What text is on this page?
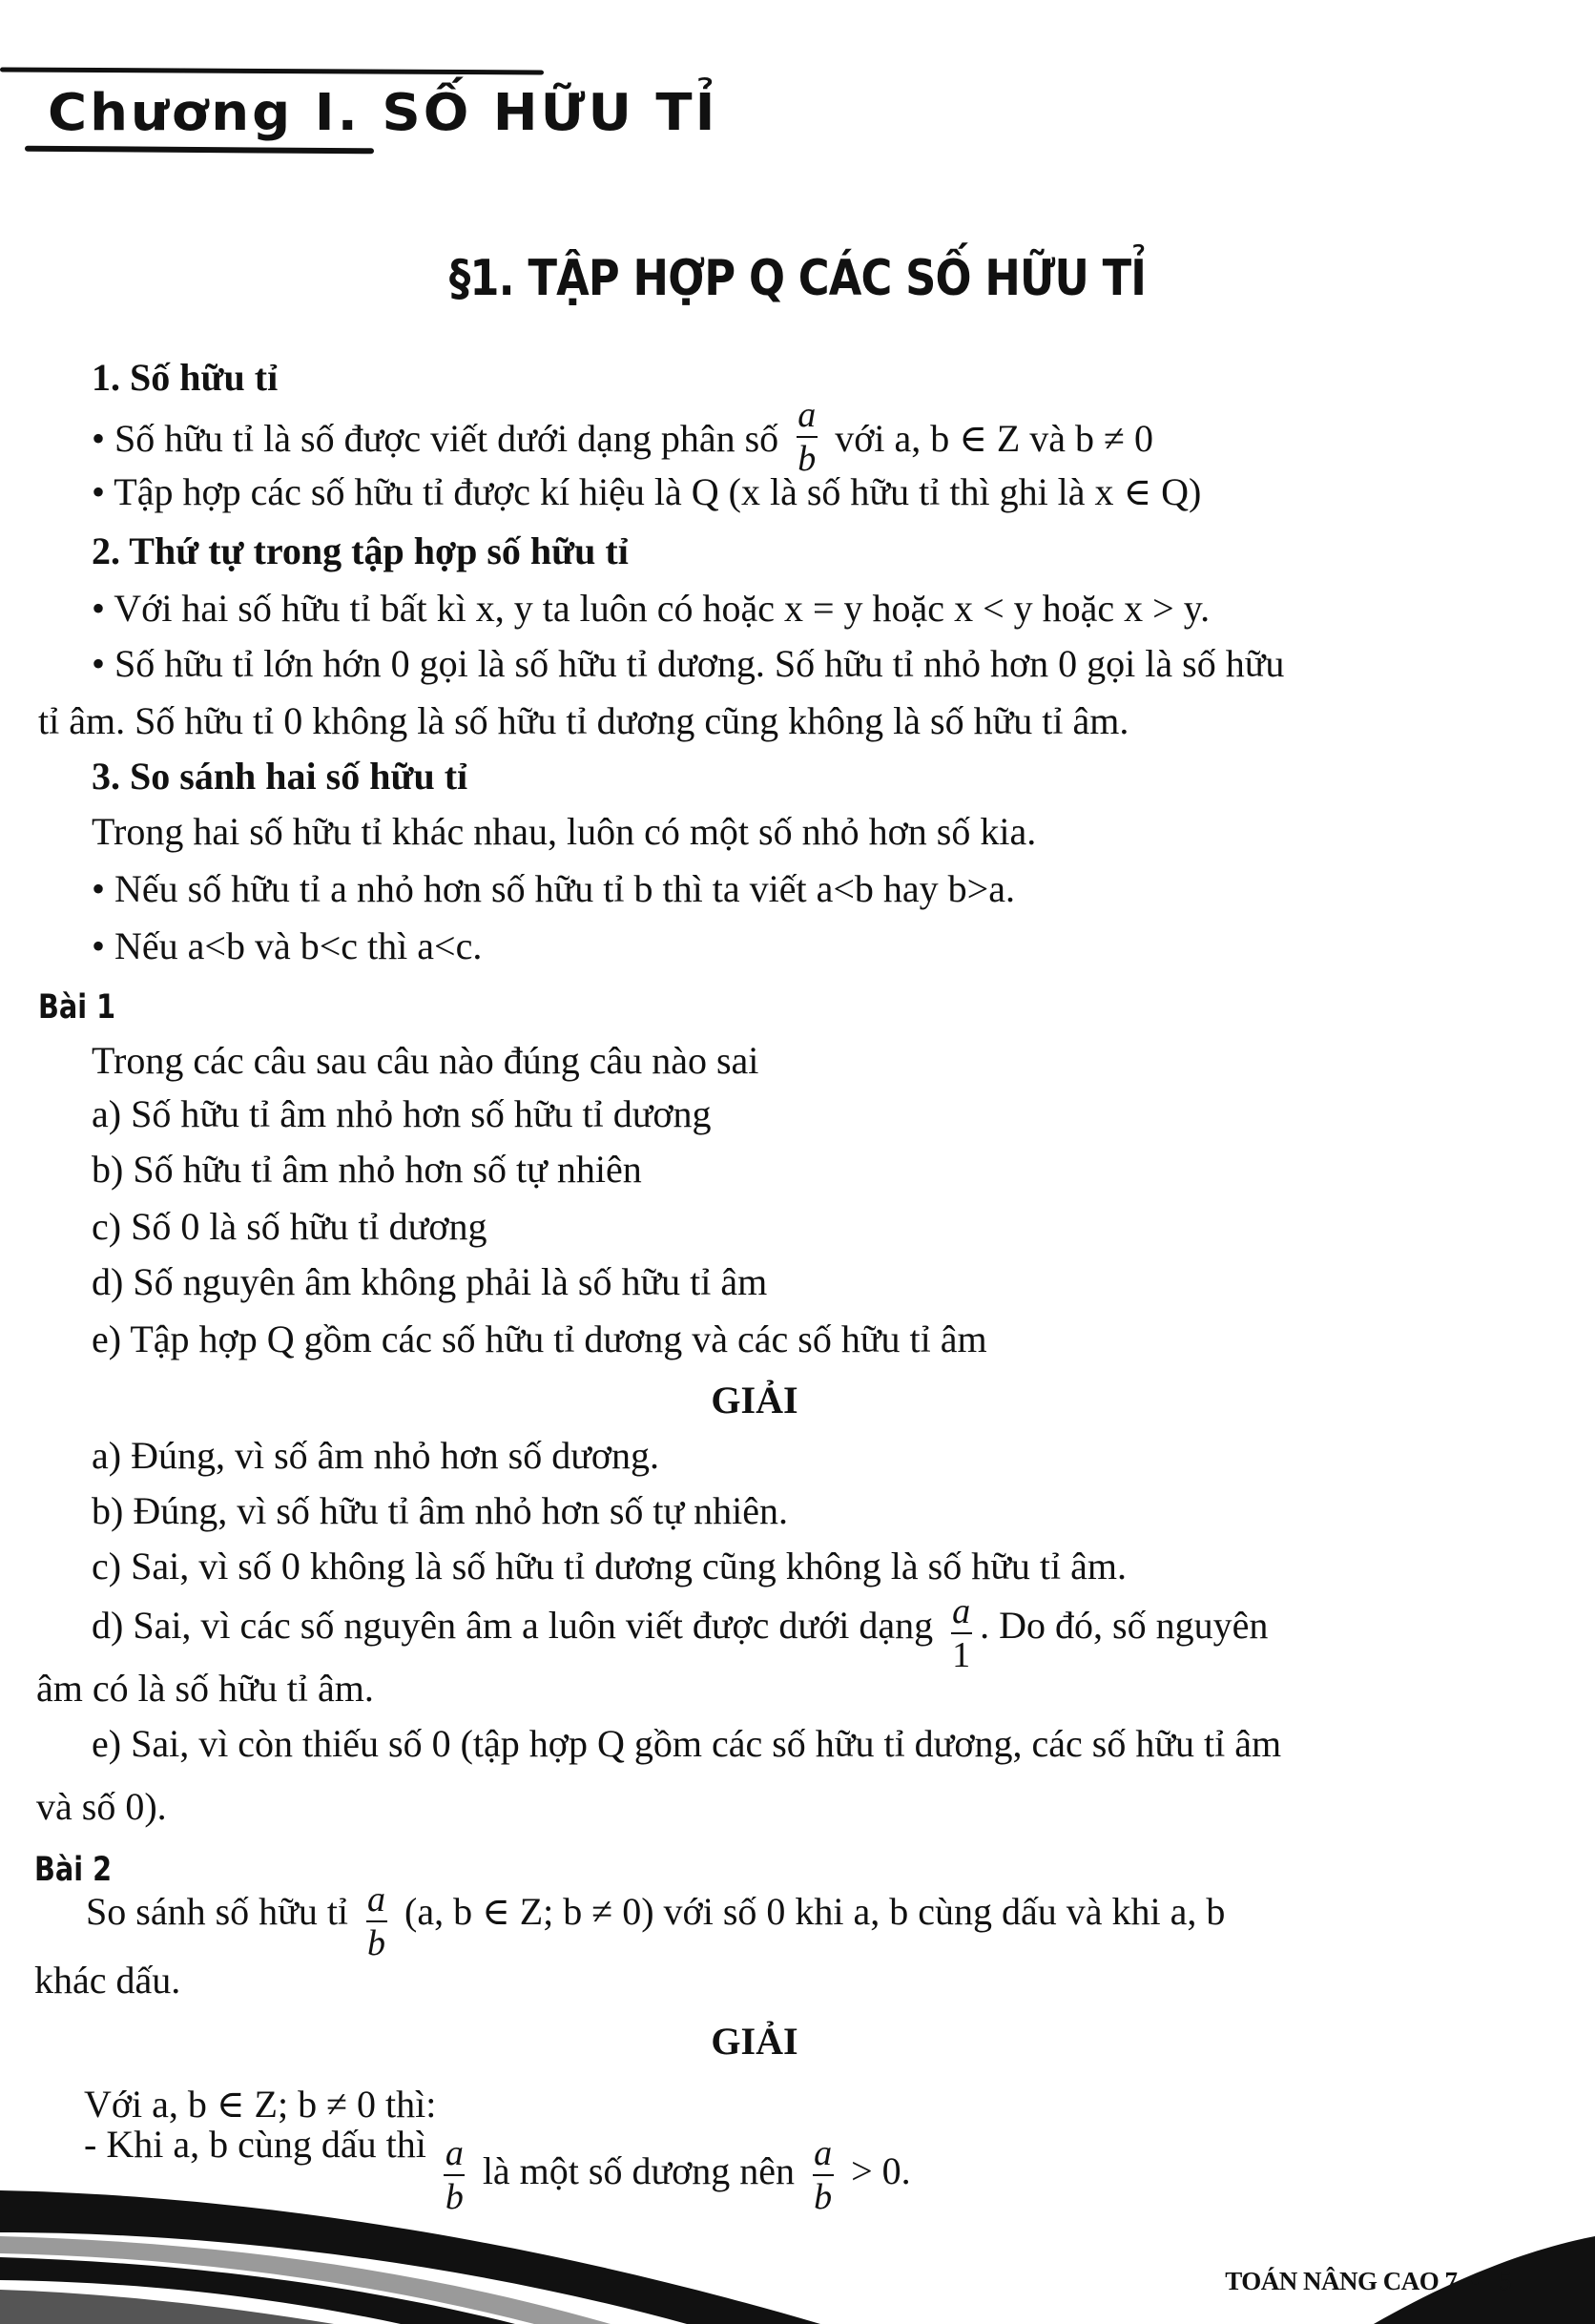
Chương I. SỐ HỮU TỈ
§1. TẬP HỢP Q CÁC SỐ HỮU TỈ
1. Số hữu tỉ
• Số hữu tỉ là số được viết dưới dạng phân số $\frac{a}{b}$ với a, b ∈ Z và b ≠ 0
• Tập hợp các số hữu tỉ được kí hiệu là Q (x là số hữu tỉ thì ghi là x ∈ Q)
2. Thứ tự trong tập hợp số hữu tỉ
• Với hai số hữu tỉ bất kì x, y ta luôn có hoặc x = y hoặc x < y hoặc x > y.
• Số hữu tỉ lớn hớn 0 gọi là số hữu tỉ dương. Số hữu tỉ nhỏ hơn 0 gọi là số hữu
tỉ âm. Số hữu tỉ 0 không là số hữu tỉ dương cũng không là số hữu tỉ âm.
3. So sánh hai số hữu tỉ
Trong hai số hữu tỉ khác nhau, luôn có một số nhỏ hơn số kia.
• Nếu số hữu tỉ a nhỏ hơn số hữu tỉ b thì ta viết a<b hay b>a.
• Nếu a<b và b<c thì a<c.
Bài 1
Trong các câu sau câu nào đúng câu nào sai
a) Số hữu tỉ âm nhỏ hơn số hữu tỉ dương
b) Số hữu tỉ âm nhỏ hơn số tự nhiên
c) Số 0 là số hữu tỉ dương
d) Số nguyên âm không phải là số hữu tỉ âm
e) Tập hợp Q gồm các số hữu tỉ dương và các số hữu tỉ âm
GIẢI
a) Đúng, vì số âm nhỏ hơn số dương.
b) Đúng, vì số hữu tỉ âm nhỏ hơn số tự nhiên.
c) Sai, vì số 0 không là số hữu tỉ dương cũng không là số hữu tỉ âm.
d) Sai, vì các số nguyên âm a luôn viết được dưới dạng $\frac{a}{1}$ . Do đó, số nguyên
âm có là số hữu tỉ âm.
e) Sai, vì còn thiếu số 0 (tập hợp Q gồm các số hữu tỉ dương, các số hữu tỉ âm
và số 0).
Bài 2
So sánh số hữu tỉ $\frac{a}{b} (a$, b ∈ Z; b ≠ 0) với số 0 khi a, b cùng dấu và khi a, b
khác dấu.
GIẢI
Với a, b ∈ Z; b ≠ 0 thì:
- Khi a, b cùng dấu thì $\frac{a}{b}$ là một số dương nên $\frac{a}{b} > 0$.
TOÁN NÂNG CAO 7 • 5
